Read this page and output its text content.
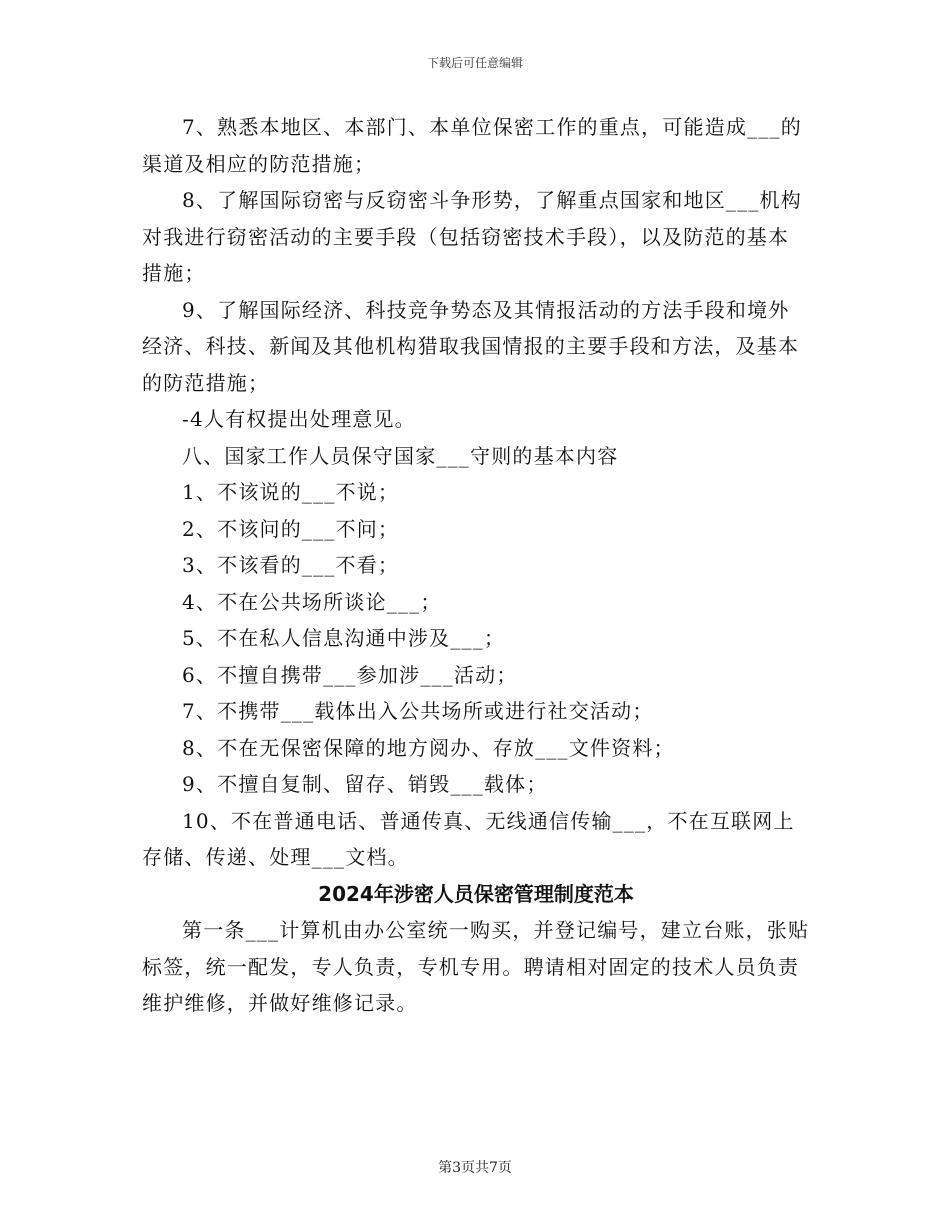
下载后可任意编辑

7、熟悉本地区、本部门、本单位保密工作的重点，可能造成___的渠道及相应的防范措施；

8、了解国际窃密与反窃密斗争形势，了解重点国家和地区___机构对我进行窃密活动的主要手段（包括窃密技术手段），以及防范的基本措施；

9、了解国际经济、科技竞争势态及其情报活动的方法手段和境外经济、科技、新闻及其他机构猎取我国情报的主要手段和方法，及基本的防范措施；

-4人有权提出处理意见。

八、国家工作人员保守国家___守则的基本内容

1、不该说的___不说；

2、不该问的___不问；

3、不该看的___不看；

4、不在公共场所谈论___；

5、不在私人信息沟通中涉及___；

6、不擅自携带___参加涉___活动；

7、不携带___载体出入公共场所或进行社交活动；

8、不在无保密保障的地方阅办、存放___文件资料；

9、不擅自复制、留存、销毁___载体；

10、不在普通电话、普通传真、无线通信传输___，不在互联网上存储、传递、处理___文档。

2024年涉密人员保密管理制度范本

第一条___计算机由办公室统一购买，并登记编号，建立台账，张贴标签，统一配发，专人负责，专机专用。聘请相对固定的技术人员负责维护维修，并做好维修记录。

第3页共7页
